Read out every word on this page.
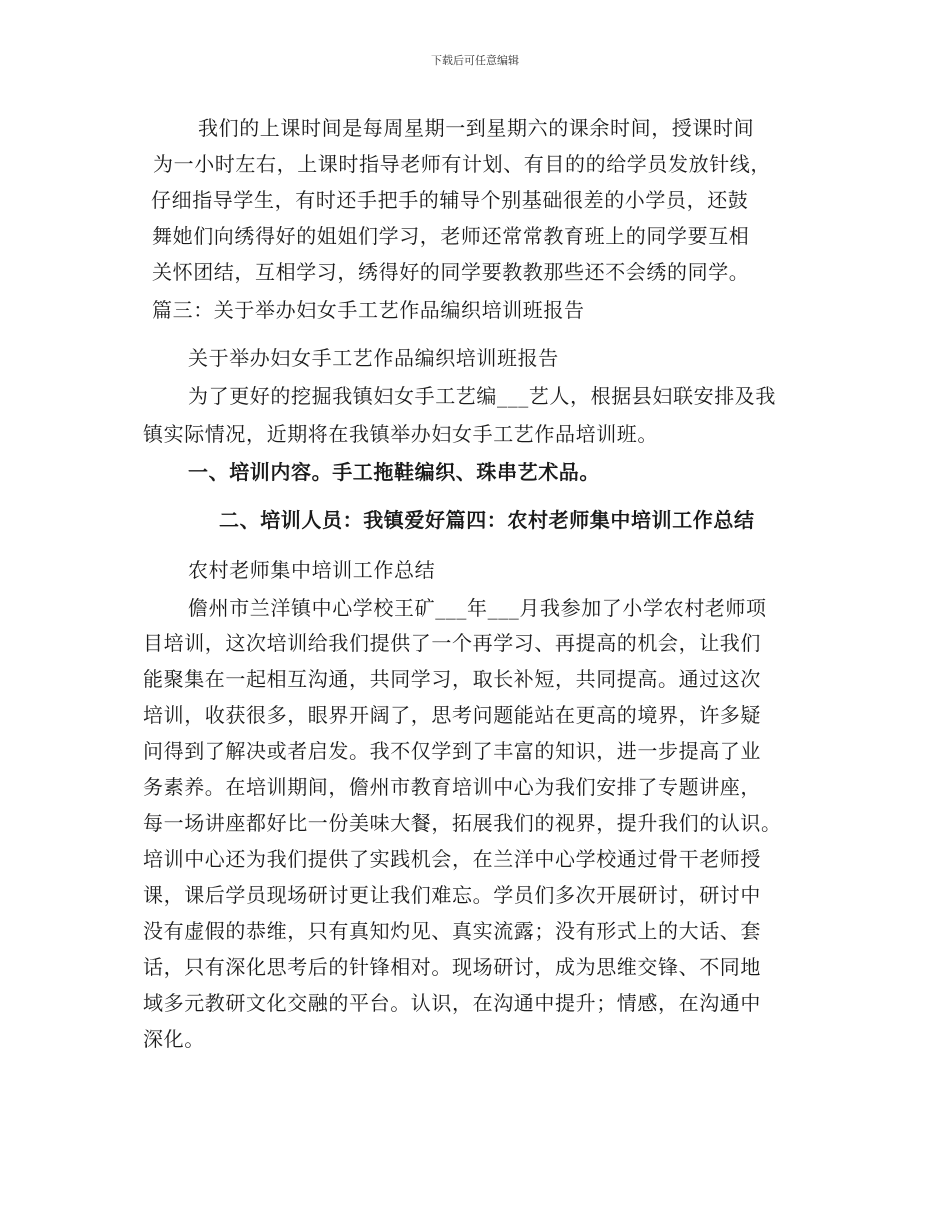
下载后可任意编辑
我们的上课时间是每周星期一到星期六的课余时间，授课时间
为一小时左右，上课时指导老师有计划、有目的的给学员发放针线，
仔细指导学生，有时还手把手的辅导个别基础很差的小学员，还鼓
舞她们向绣得好的姐姐们学习，老师还常常教育班上的同学要互相
关怀团结，互相学习，绣得好的同学要教教那些还不会绣的同学。
篇三：关于举办妇女手工艺作品编织培训班报告
关于举办妇女手工艺作品编织培训班报告
为了更好的挖掘我镇妇女手工艺编___艺人，根据县妇联安排及我
镇实际情况，近期将在我镇举办妇女手工艺作品培训班。
一、培训内容。手工拖鞋编织、珠串艺术品。
二、培训人员：我镇爱好篇四：农村老师集中培训工作总结
农村老师集中培训工作总结
儋州市兰洋镇中心学校王矿___年___月我参加了小学农村老师项
目培训，这次培训给我们提供了一个再学习、再提高的机会，让我们
能聚集在一起相互沟通，共同学习，取长补短，共同提高。通过这次
培训，收获很多，眼界开阔了，思考问题能站在更高的境界，许多疑
问得到了解决或者启发。我不仅学到了丰富的知识，进一步提高了业
务素养。在培训期间，儋州市教育培训中心为我们安排了专题讲座，
每一场讲座都好比一份美味大餐，拓展我们的视界，提升我们的认识。
培训中心还为我们提供了实践机会，在兰洋中心学校通过骨干老师授
课，课后学员现场研讨更让我们难忘。学员们多次开展研讨，研讨中
没有虚假的恭维，只有真知灼见、真实流露；没有形式上的大话、套
话，只有深化思考后的针锋相对。现场研讨，成为思维交锋、不同地
域多元教研文化交融的平台。认识，在沟通中提升；情感，在沟通中
深化。
